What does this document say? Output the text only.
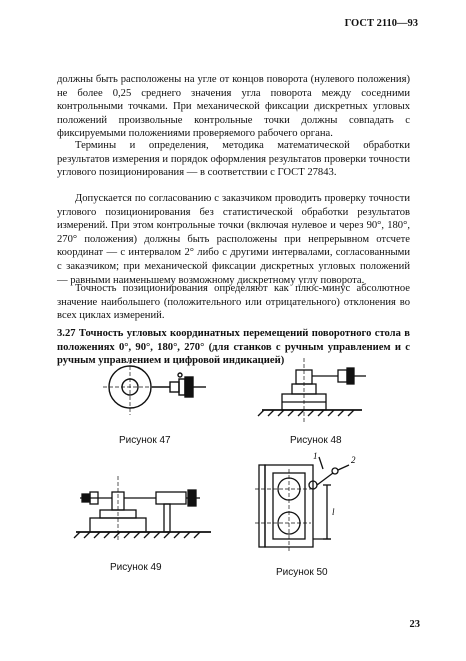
ГОСТ 2110—93

должны быть расположены на угле от концов поворота (нулевого положения) не более 0,25 среднего значения угла поворота между соседними контрольными точками. При механической фиксации дискретных угловых положений произвольные контрольные точки должны совпадать с фиксируемыми положениями проверяемого рабочего органа.

Термины и определения, методика математической обработки результатов измерения и порядок оформления результатов проверки точности углового позиционирования — в соответствии с ГОСТ 27843.

Допускается по согласованию с заказчиком проводить проверку точности углового позиционирования без статистической обработки результатов измерений. При этом контрольные точки (включая нулевое и через 90°, 180°, 270° положения) должны быть расположены при непрерывном отсчете координат — с интервалом 2° либо с другими интервалами, согласованными с заказчиком; при механической фиксации дискретных угловых положений — равными наименьшему возможному дискретному углу поворота.

Точность позиционирования определяют как плюс-минус абсолютное значение наибольшего (положительного или отрицательного) отклонения во всех циклах измерений.

3.27 Точность угловых координатных перемещений поворотного стола в положениях 0°, 90°, 180°, 270° (для станков с ручным управлением и с ручным управлением и цифровой индикацией)

Рисунок 47	Рисунок 48
Рисунок 49
1	2
l
Рисунок 50
23
